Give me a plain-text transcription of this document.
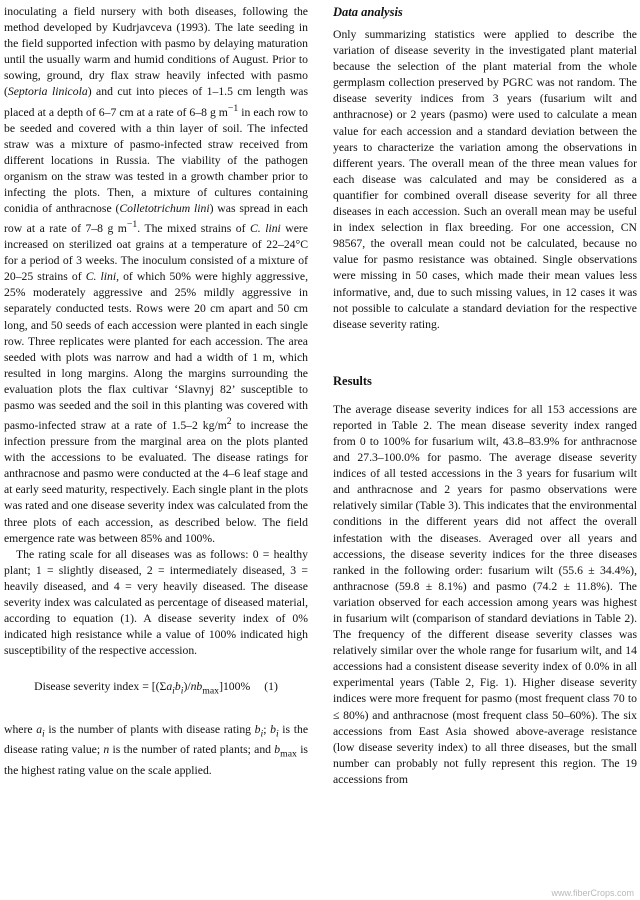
inoculating a field nursery with both diseases, following the method developed by Kudrjavceva (1993). The late seeding in the field supported infection with pasmo by delaying maturation until the usually warm and humid conditions of August. Prior to sowing, ground, dry flax straw heavily infected with pasmo (Septoria linicola) and cut into pieces of 1–1.5 cm length was placed at a depth of 6–7 cm at a rate of 6–8 g $m^{-1}$ in each row to be seeded and covered with a thin layer of soil. The infected straw was a mixture of pasmo-infected straw received from different locations in Russia. The viability of the pathogen organism on the straw was tested in a growth chamber prior to infecting the plots. Then, a mixture of cultures containing conidia of anthracnose (Colletotrichum lini) was spread in each row at a rate of 7–8 g $m^{-1}$. The mixed strains of C. lini were increased on sterilized oat grains at a temperature of 22–24°C for a period of 3 weeks. The inoculum consisted of a mixture of 20–25 strains of C. lini, of which 50% were highly aggressive, 25% moderately aggressive and 25% mildly aggressive in separately conducted tests. Rows were 20 cm apart and 50 cm long, and 50 seeds of each accession were planted in each single row. Three replicates were planted for each accession. The area seeded with plots was narrow and had a width of 1 m, which resulted in long margins. Along the margins surrounding the evaluation plots the flax cultivar ‘Slavnyj 82’ susceptible to pasmo was seeded and the soil in this planting was covered with pasmo-infected straw at a rate of 1.5–2 $kg/m^2$ to increase the infection pressure from the marginal area on the plots planted with the accessions to be evaluated. The disease ratings for anthracnose and pasmo were conducted at the 4–6 leaf stage and at early seed maturity, respectively. Each single plant in the plots was rated and one disease severity index was calculated from the three plots of each accession, as described below. The field emergence rate was between 85% and 100%.

The rating scale for all diseases was as follows: 0 = healthy plant; 1 = slightly diseased, 2 = intermediately diseased, 3 = heavily diseased, and 4 = very heavily diseased. The disease severity index was calculated as percentage of diseased material, according to equation (1). A disease severity index of 0% indicated high resistance while a value of 100% indicated high susceptibility of the respective accession.

Disease severity index = $[(\Sigma a_ib_i)/nb_{max}]100\%$ (1)

where $a_i$ is the number of plants with disease rating $b_i$; $b_i$ is the disease rating value; n is the number of rated plants; and $b_{max}$ is the highest rating value on the scale applied.

Data analysis

Only summarizing statistics were applied to describe the variation of disease severity in the investigated plant material because the selection of the plant material from the whole germplasm collection preserved by PGRC was not random. The disease severity indices from 3 years (fusarium wilt and anthracnose) or 2 years (pasmo) were used to calculate a mean value for each accession and a standard deviation between the years to characterize the variation among the observations in different years. The overall mean of the three mean values for each disease was calculated and may be considered as a quantifier for combined overall disease severity for all three diseases in each accession. Such an overall mean may be useful in index selection in flax breeding. For one accession, CN 98567, the overall mean could not be calculated, because no value for pasmo resistance was obtained. Single observations were missing in 50 cases, which made their mean values less informative, and, due to such missing values, in 12 cases it was not possible to calculate a standard deviation for the respective disease severity rating.

Results

The average disease severity indices for all 153 accessions are reported in Table 2. The mean disease severity index ranged from 0 to 100% for fusarium wilt, 43.8–83.9% for anthracnose and 27.3–100.0% for pasmo. The average disease severity indices of all tested accessions in the 3 years for fusarium wilt and anthracnose and 2 years for pasmo observations were relatively similar (Table 3). This indicates that the environmental conditions in the different years did not affect the overall infestation with the diseases. Averaged over all years and accessions, the disease severity indices for the three diseases ranked in the following order: fusarium wilt (55.6 ± 34.4%), anthracnose (59.8 ± 8.1%) and pasmo (74.2 ± 11.8%). The variation observed for each accession among years was highest in fusarium wilt (comparison of standard deviations in Table 2). The frequency of the different disease severity classes was relatively similar over the whole range for fusarium wilt, and 14 accessions had a consistent disease severity index of 0.0% in all experimental years (Table 2, Fig. 1). Higher disease severity indices were more frequent for pasmo (most frequent class 70 to ≤ 80%) and anthracnose (most frequent class 50–60%). The six accessions from East Asia showed above-average resistance (low disease severity index) to all three diseases, but the small number can probably not fully represent this region. The 19 accessions from

www.fiberCrops.com
